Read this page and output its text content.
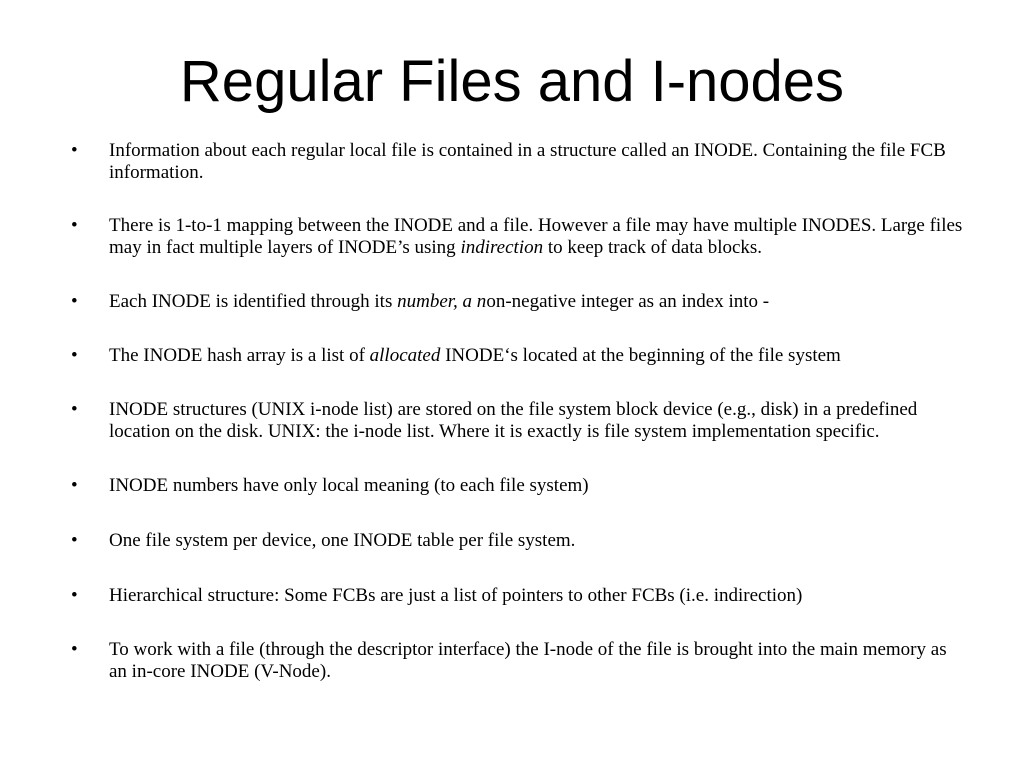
Regular Files and I-nodes
• Information about each regular local file is contained in a structure called an INODE. Containing the file FCB information.
• There is 1-to-1 mapping between the INODE and a file. However a file may have multiple INODES. Large files may in fact multiple layers of INODE’s using indirection to keep track of data blocks.
• Each INODE is identified through its number, a non-negative integer as an index into -
• The INODE hash array is a list of allocated INODE‘s located at the beginning of the file system
• INODE structures (UNIX i-node list) are stored on the file system block device (e.g., disk) in a predefined location on the disk. UNIX: the i-node list. Where it is exactly is file system implementation specific.
• INODE numbers have only local meaning (to each file system)
• One file system per device, one INODE table per file system.
• Hierarchical structure: Some FCBs are just a list of pointers to other FCBs (i.e. indirection)
• To work with a file (through the descriptor interface) the I-node of the file is brought into the main memory as an in-core INODE (V-Node).
